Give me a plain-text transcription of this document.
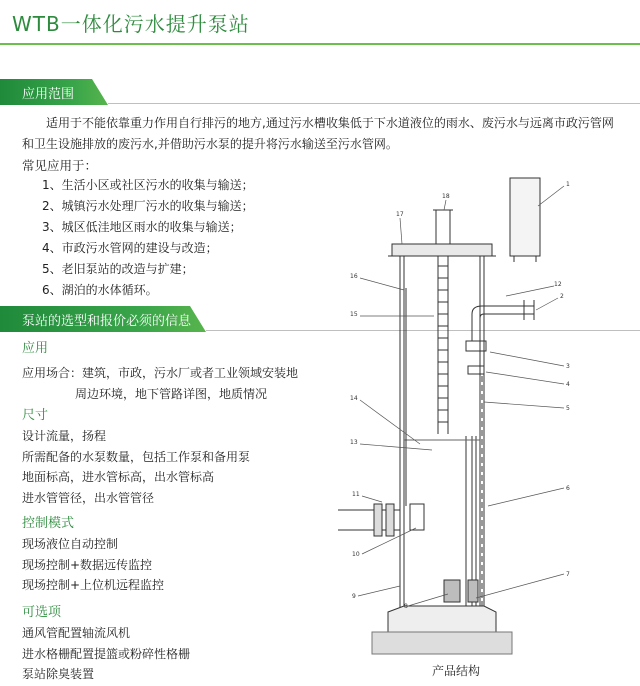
WTB一体化污水提升泵站
应用范围

适用于不能依靠重力作用自行排污的地方,通过污水槽收集低于下水道液位的雨水、废污水与远离市政污管网和卫生设施排放的废污水,并借助污水泵的提升将污水输送至污水管网。

常见应用于：
1、生活小区或社区污水的收集与输送；
2、城镇污水处理厂污水的收集与输送；
3、城区低洼地区雨水的收集与输送；
4、市政污水管网的建设与改造；
5、老旧泵站的改造与扩建；
6、湖泊的水体循环。
泵站的选型和报价必须的信息
应用
应用场合：建筑，市政，污水厂或者工业领域安装地
周边环境，地下管路详图，地质情况
尺寸
设计流量，扬程
所需配备的水泵数量，包括工作泵和备用泵
地面标高，进水管标高，出水管标高
进水管管径，出水管管径
控制模式
现场液位自动控制
现场控制+数据远传监控
现场控制+上位机远程监控
可选项
通风管配置轴流风机
进水格栅配置提篮或粉碎性格栅
泵站除臭装置
1
2
3
4
5
6
7
8
9
10
11
12
13
14
15
16
17
18
产品结构
